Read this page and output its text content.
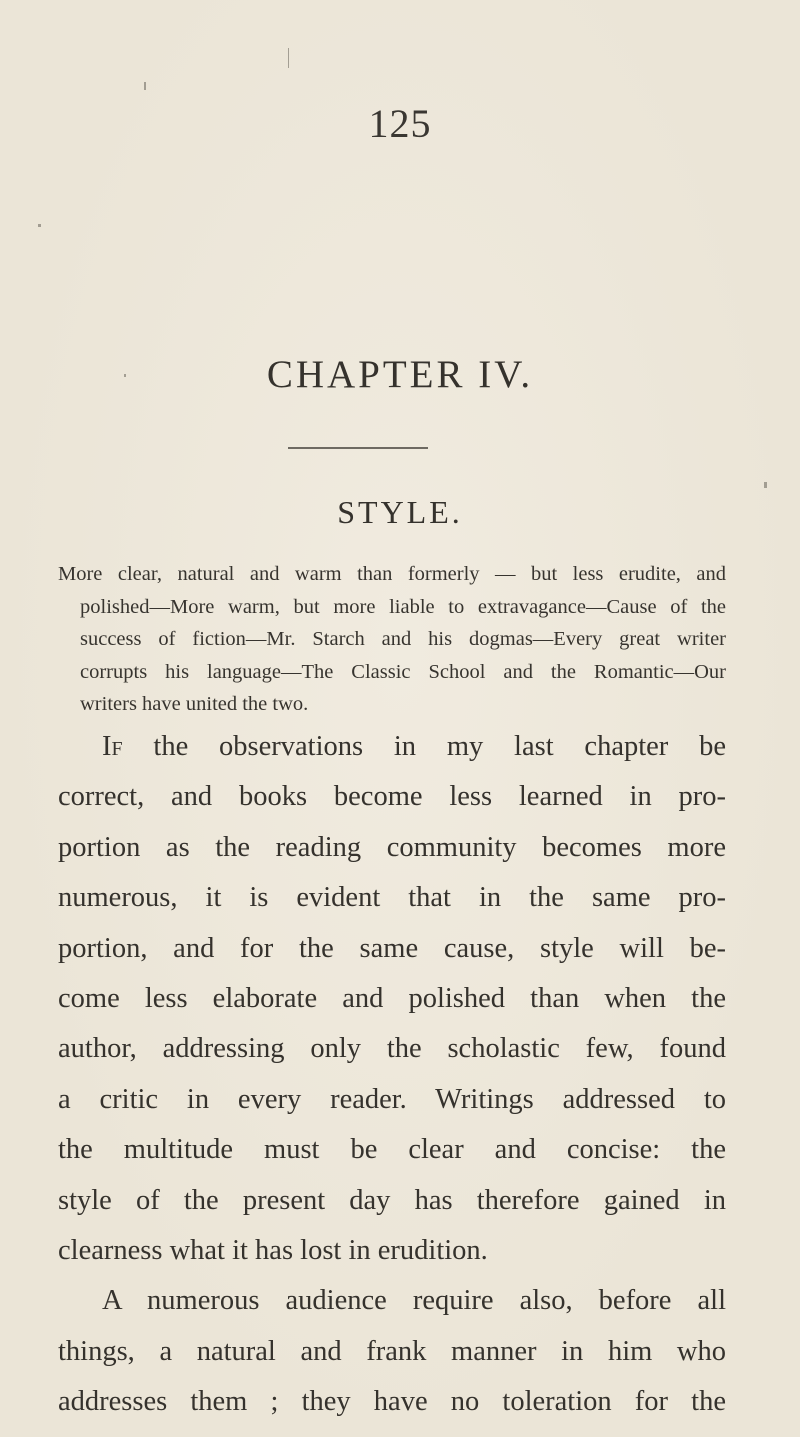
125
CHAPTER IV.
STYLE.
More clear, natural and warm than formerly — but less erudite, and
polished—More warm, but more liable to extravagance—Cause of the
success of fiction—Mr. Starch and his dogmas—Every great writer
corrupts his language—The Classic School and the Romantic—Our
writers have united the two.
If the observations in my last chapter be
correct, and books become less learned in pro-
portion as the reading community becomes more
numerous, it is evident that in the same pro-
portion, and for the same cause, style will be-
come less elaborate and polished than when the
author, addressing only the scholastic few, found
a critic in every reader. Writings addressed to
the multitude must be clear and concise: the
style of the present day has therefore gained in
clearness what it has lost in erudition.
A numerous audience require also, before all
things, a natural and frank manner in him who
addresses them ; they have no toleration for the
